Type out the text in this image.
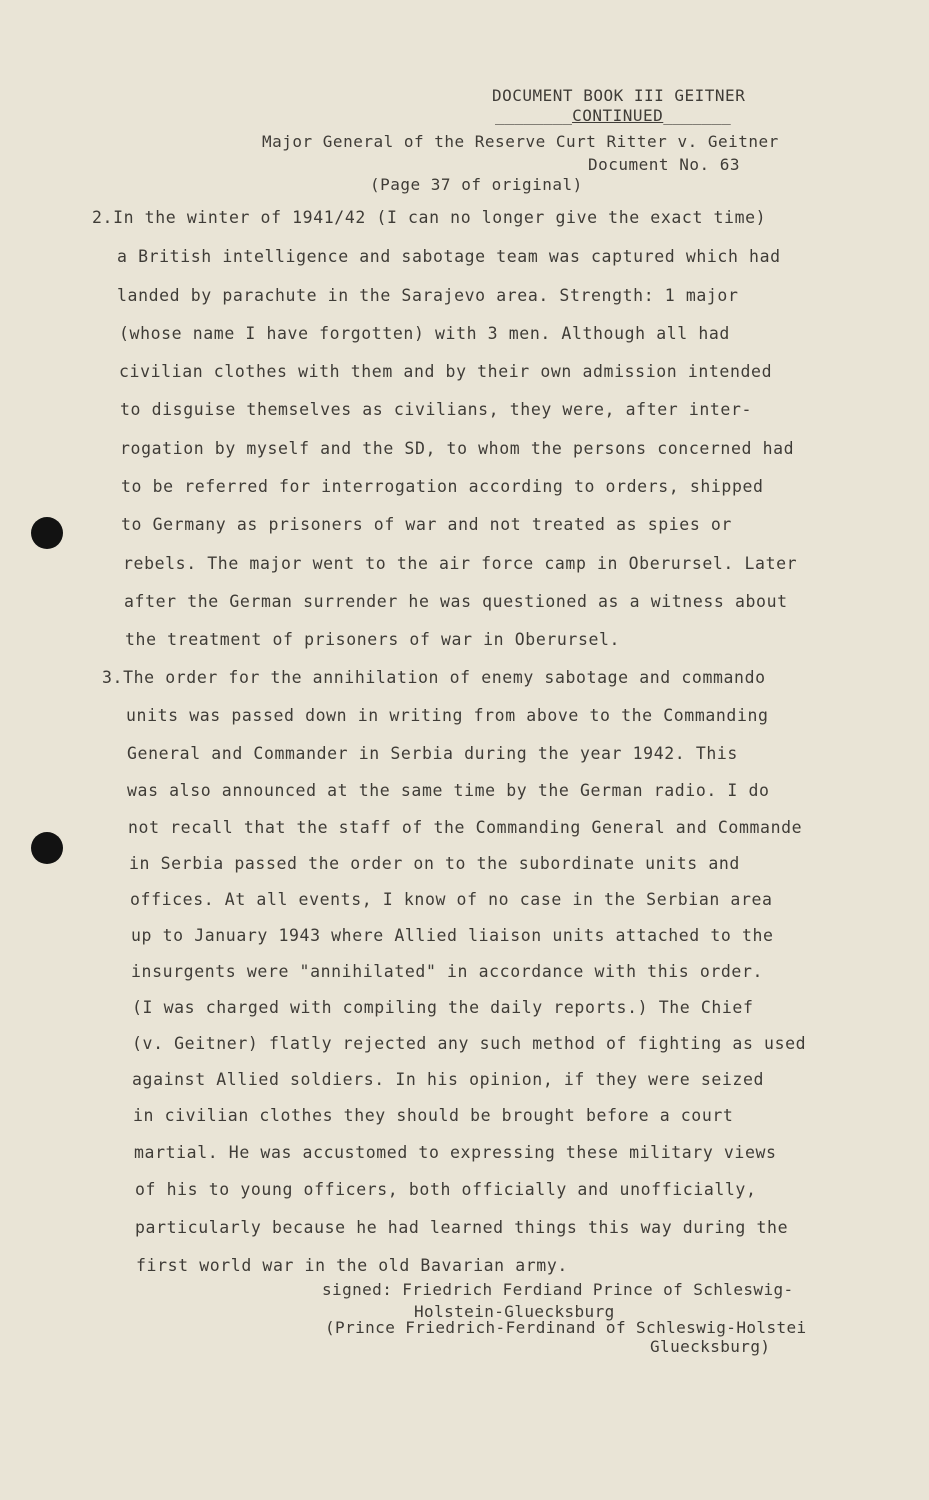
DOCUMENT BOOK III GEITNER
________CONTINUED_______
Major General of the Reserve Curt Ritter v. Geitner
Document No. 63
(Page 37 of original)
2.In the winter of 1941/42 (I can no longer give the exact time)
a British intelligence and sabotage team was captured which had
landed by parachute in the Sarajevo area. Strength: 1 major
(whose name I have forgotten) with 3 men. Although all had
civilian clothes with them and by their own admission intended
to disguise themselves as civilians, they were, after inter-
rogation by myself and the SD, to whom the persons concerned had
to be referred for interrogation according to orders, shipped
to Germany as prisoners of war and not treated as spies or
rebels. The major went to the air force camp in Oberursel. Later
after the German surrender he was questioned as a witness about
the treatment of prisoners of war in Oberursel.
3.The order for the annihilation of enemy sabotage and commando
units was passed down in writing from above to the Commanding
General and Commander in Serbia during the year 1942. This
was also announced at the same time by the German radio. I do
not recall that the staff of the Commanding General and Commande
in Serbia passed the order on to the subordinate units and
offices. At all events, I know of no case in the Serbian area
up to January 1943 where Allied liaison units attached to the
insurgents were "annihilated" in accordance with this order.
(I was charged with compiling the daily reports.) The Chief
(v. Geitner) flatly rejected any such method of fighting as used
against Allied soldiers. In his opinion, if they were seized
in civilian clothes they should be brought before a court
martial. He was accustomed to expressing these military views
of his to young officers, both officially and unofficially,
particularly because he had learned things this way during the
first world war in the old Bavarian army.
signed: Friedrich Ferdiand Prince of Schleswig-
Holstein-Gluecksburg
(Prince Friedrich-Ferdinand of Schleswig-Holstei
Gluecksburg)
